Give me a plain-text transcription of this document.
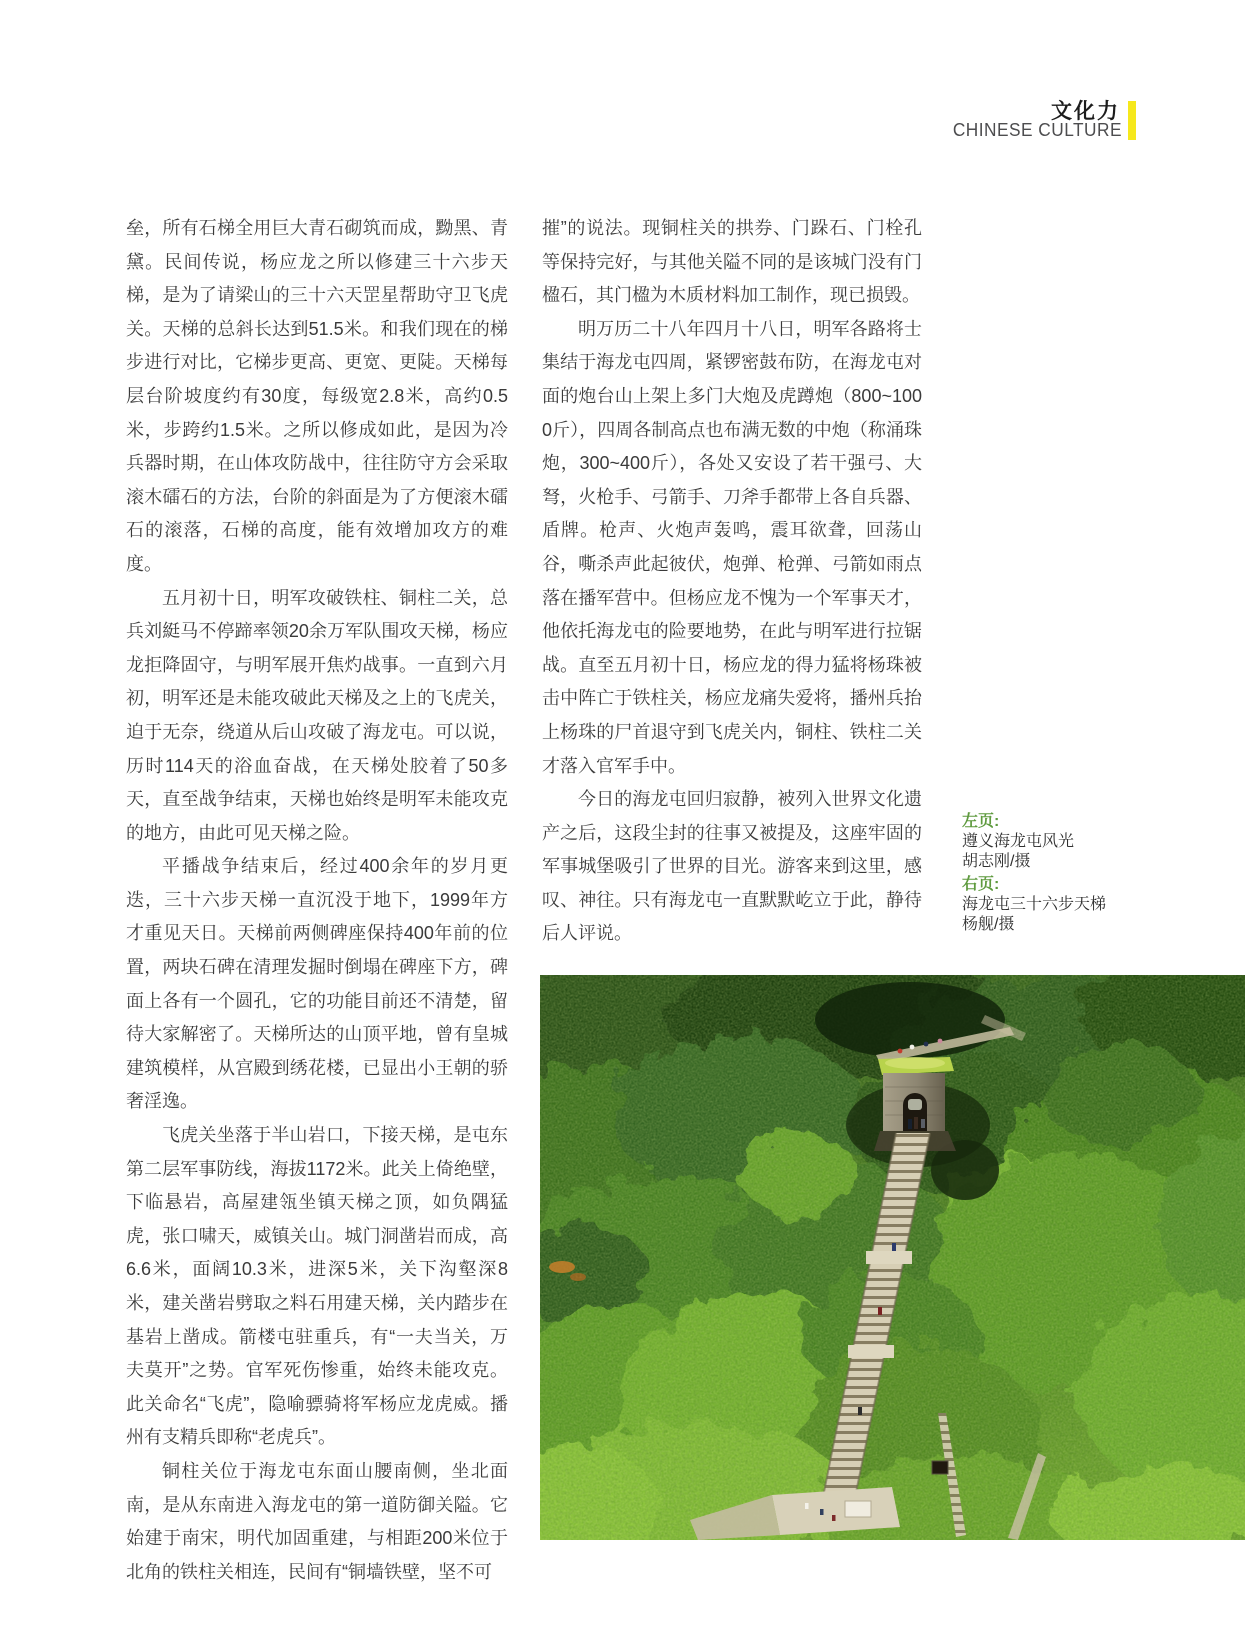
文化力
CHINESE CULTURE

垒，所有石梯全用巨大青石砌筑而成，黝黑、青黛。民间传说，杨应龙之所以修建三十六步天梯，是为了请梁山的三十六天罡星帮助守卫飞虎关。天梯的总斜长达到51.5米。和我们现在的梯步进行对比，它梯步更高、更宽、更陡。天梯每层台阶坡度约有30度，每级宽2.8米，高约0.5米，步跨约1.5米。之所以修成如此，是因为冷兵器时期，在山体攻防战中，往往防守方会采取滚木礌石的方法，台阶的斜面是为了方便滚木礌石的滚落，石梯的高度，能有效增加攻方的难度。

五月初十日，明军攻破铁柱、铜柱二关，总兵刘綎马不停蹄率领20余万军队围攻天梯，杨应龙拒降固守，与明军展开焦灼战事。一直到六月初，明军还是未能攻破此天梯及之上的飞虎关，迫于无奈，绕道从后山攻破了海龙屯。可以说，历时114天的浴血奋战，在天梯处胶着了50多天，直至战争结束，天梯也始终是明军未能攻克的地方，由此可见天梯之险。

平播战争结束后，经过400余年的岁月更迭，三十六步天梯一直沉没于地下，1999年方才重见天日。天梯前两侧碑座保持400年前的位置，两块石碑在清理发掘时倒塌在碑座下方，碑面上各有一个圆孔，它的功能目前还不清楚，留待大家解密了。天梯所达的山顶平地，曾有皇城建筑模样，从宫殿到绣花楼，已显出小王朝的骄奢淫逸。

飞虎关坐落于半山岩口，下接天梯，是屯东第二层军事防线，海拔1172米。此关上倚绝壁，下临悬岩，高屋建瓴坐镇天梯之顶，如负隅猛虎，张口啸天，威镇关山。城门洞凿岩而成，高6.6米，面阔10.3米，进深5米，关下沟壑深8米，建关凿岩劈取之料石用建天梯，关内踏步在基岩上凿成。箭楼屯驻重兵，有“一夫当关，万夫莫开”之势。官军死伤惨重，始终未能攻克。此关命名“飞虎”，隐喻骠骑将军杨应龙虎威。播州有支精兵即称“老虎兵”。

铜柱关位于海龙屯东面山腰南侧，坐北面南，是从东南进入海龙屯的第一道防御关隘。它始建于南宋，明代加固重建，与相距200米位于北角的铁柱关相连，民间有“铜墙铁壁，坚不可

摧”的说法。现铜柱关的拱券、门跺石、门栓孔等保持完好，与其他关隘不同的是该城门没有门楹石，其门楹为木质材料加工制作，现已损毁。

明万历二十八年四月十八日，明军各路将士集结于海龙屯四周，紧锣密鼓布防，在海龙屯对面的炮台山上架上多门大炮及虎蹲炮（800~1000斤），四周各制高点也布满无数的中炮（称涌珠炮，300~400斤），各处又安设了若干强弓、大弩，火枪手、弓箭手、刀斧手都带上各自兵器、盾牌。枪声、火炮声轰鸣，震耳欲聋，回荡山谷，嘶杀声此起彼伏，炮弹、枪弹、弓箭如雨点落在播军营中。但杨应龙不愧为一个军事天才，他依托海龙屯的险要地势，在此与明军进行拉锯战。直至五月初十日，杨应龙的得力猛将杨珠被击中阵亡于铁柱关，杨应龙痛失爱将，播州兵抬上杨珠的尸首退守到飞虎关内，铜柱、铁柱二关才落入官军手中。

今日的海龙屯回归寂静，被列入世界文化遗产之后，这段尘封的往事又被提及，这座牢固的军事城堡吸引了世界的目光。游客来到这里，感叹、神往。只有海龙屯一直默默屹立于此，静待后人评说。

左页:
遵义海龙屯风光
胡志刚/摄
右页:
海龙屯三十六步天梯
杨舰/摄
